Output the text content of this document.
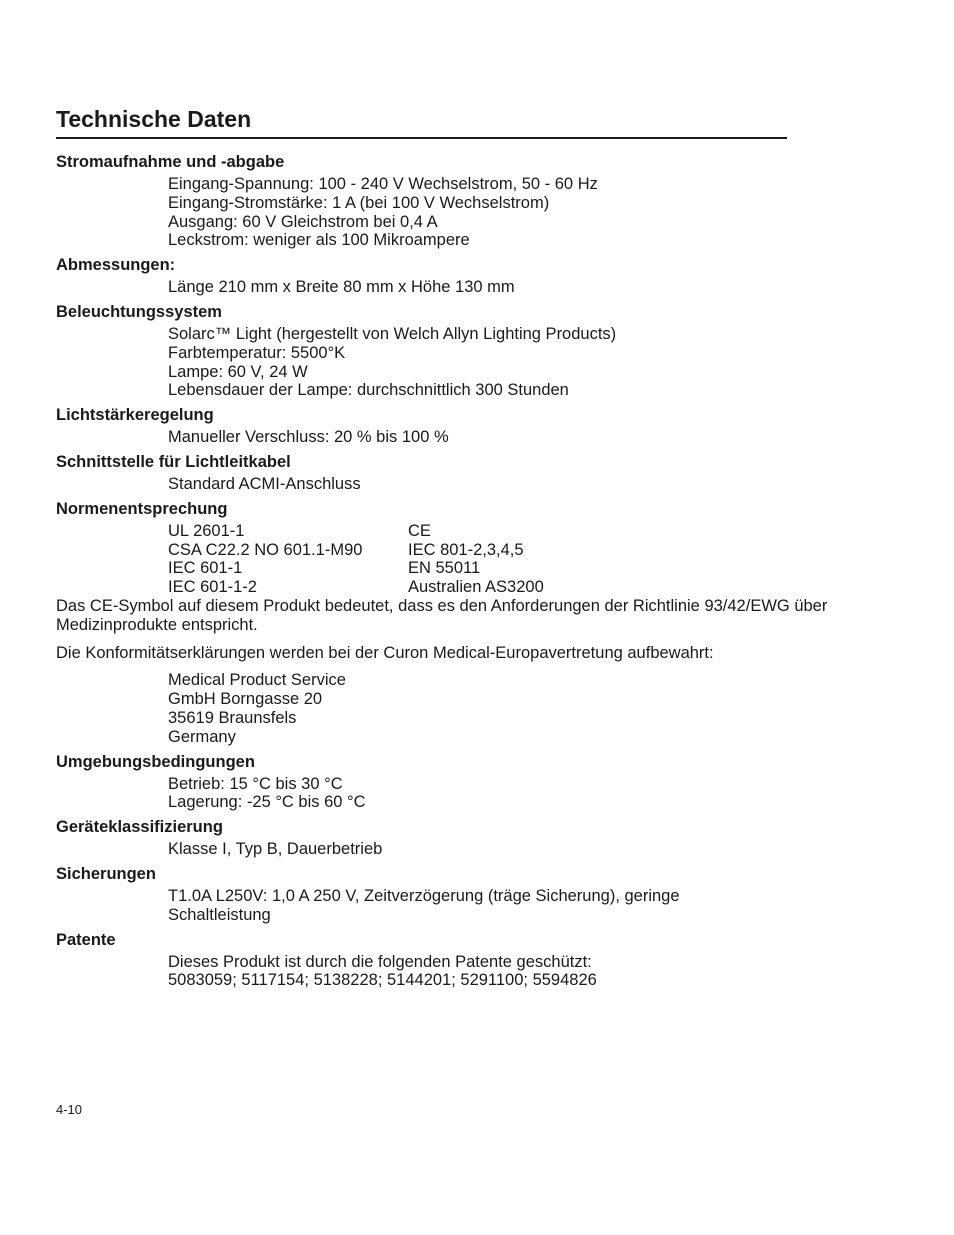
Technische Daten
Stromaufnahme und -abgabe
Eingang-Spannung: 100 - 240 V Wechselstrom, 50 - 60 Hz
Eingang-Stromstärke: 1 A (bei 100 V Wechselstrom)
Ausgang: 60 V Gleichstrom bei 0,4 A
Leckstrom: weniger als 100 Mikroampere
Abmessungen:
Länge 210 mm x Breite 80 mm x Höhe 130 mm
Beleuchtungssystem
Solarc™ Light (hergestellt von Welch Allyn Lighting Products)
Farbtemperatur: 5500°K
Lampe: 60 V, 24 W
Lebensdauer der Lampe: durchschnittlich 300 Stunden
Lichtstärkeregelung
Manueller Verschluss: 20 % bis 100 %
Schnittstelle für Lichtleitkabel
Standard ACMI-Anschluss
Normenentsprechung
UL 2601-1	CE
CSA C22.2 NO 601.1-M90	IEC 801-2,3,4,5
IEC 601-1	EN 55011
IEC 601-1-2	Australien AS3200
Das CE-Symbol auf diesem Produkt bedeutet, dass es den Anforderungen der Richtlinie 93/42/EWG über Medizinprodukte entspricht.
Die Konformitätserklärungen werden bei der Curon Medical-Europavertretung aufbewahrt:
Medical Product Service
GmbH Borngasse 20
35619 Braunsfels
Germany
Umgebungsbedingungen
Betrieb: 15 °C bis 30 °C
Lagerung: -25 °C bis 60 °C
Geräteklassifizierung
Klasse I, Typ B, Dauerbetrieb
Sicherungen
T1.0A L250V: 1,0 A 250 V, Zeitverzögerung (träge Sicherung), geringe Schaltleistung
Patente
Dieses Produkt ist durch die folgenden Patente geschützt:
5083059; 5117154; 5138228; 5144201; 5291100; 5594826
4-10
